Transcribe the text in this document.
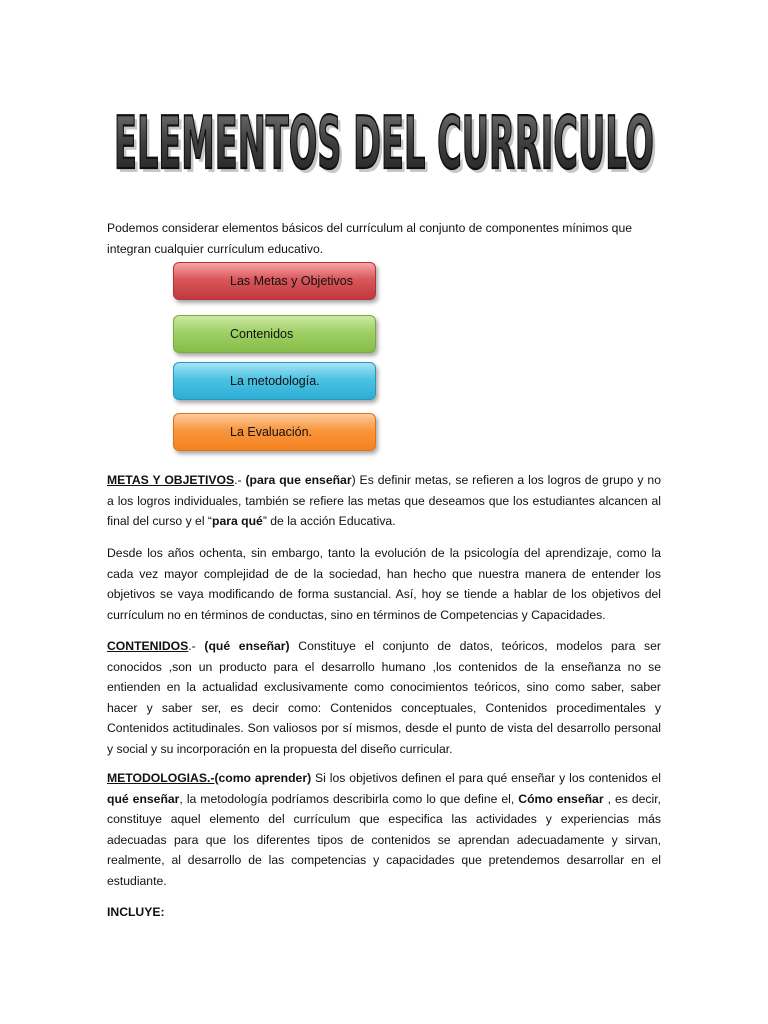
ELEMENTOS DEL CURRICULO
ELEMENTOS DEL CURRICULO
Podemos considerar elementos básicos del currículum al conjunto de componentes mínimos que integran cualquier currículum educativo.
Las Metas y Objetivos
Contenidos
La metodología.
La Evaluación.
METAS Y OBJETIVOS.- (para que enseñar) Es definir metas, se refieren a los logros de grupo y no a los logros individuales, también se refiere las metas que deseamos que los estudiantes alcancen al final del curso y el “para qué” de la acción Educativa.
Desde los años ochenta, sin embargo, tanto la evolución de la psicología del aprendizaje, como la cada vez mayor complejidad de de la sociedad, han hecho que nuestra manera de entender los objetivos se vaya modificando de forma sustancial. Así, hoy se tiende a hablar de los objetivos del currículum no en términos de conductas, sino en términos de Competencias y Capacidades.
CONTENIDOS.- (qué enseñar) Constituye el conjunto de datos, teóricos, modelos para ser conocidos ,son un producto para el desarrollo humano ,los contenidos de la enseñanza no se entienden en la actualidad exclusivamente como conocimientos teóricos, sino como saber, saber hacer y saber ser, es decir como: Contenidos conceptuales, Contenidos procedimentales y Contenidos actitudinales. Son valiosos por sí mismos, desde el punto de vista del desarrollo personal y social y su incorporación en la propuesta del diseño curricular.
METODOLOGIAS.-(como aprender) Si los objetivos definen el para qué enseñar y los contenidos el qué enseñar, la metodología podríamos describirla como lo que define el, Cómo enseñar , es decir, constituye aquel elemento del currículum que especifica las actividades y experiencias más adecuadas para que los diferentes tipos de contenidos se aprendan adecuadamente y sirvan, realmente, al desarrollo de las competencias y capacidades que pretendemos desarrollar en el estudiante.
INCLUYE:
